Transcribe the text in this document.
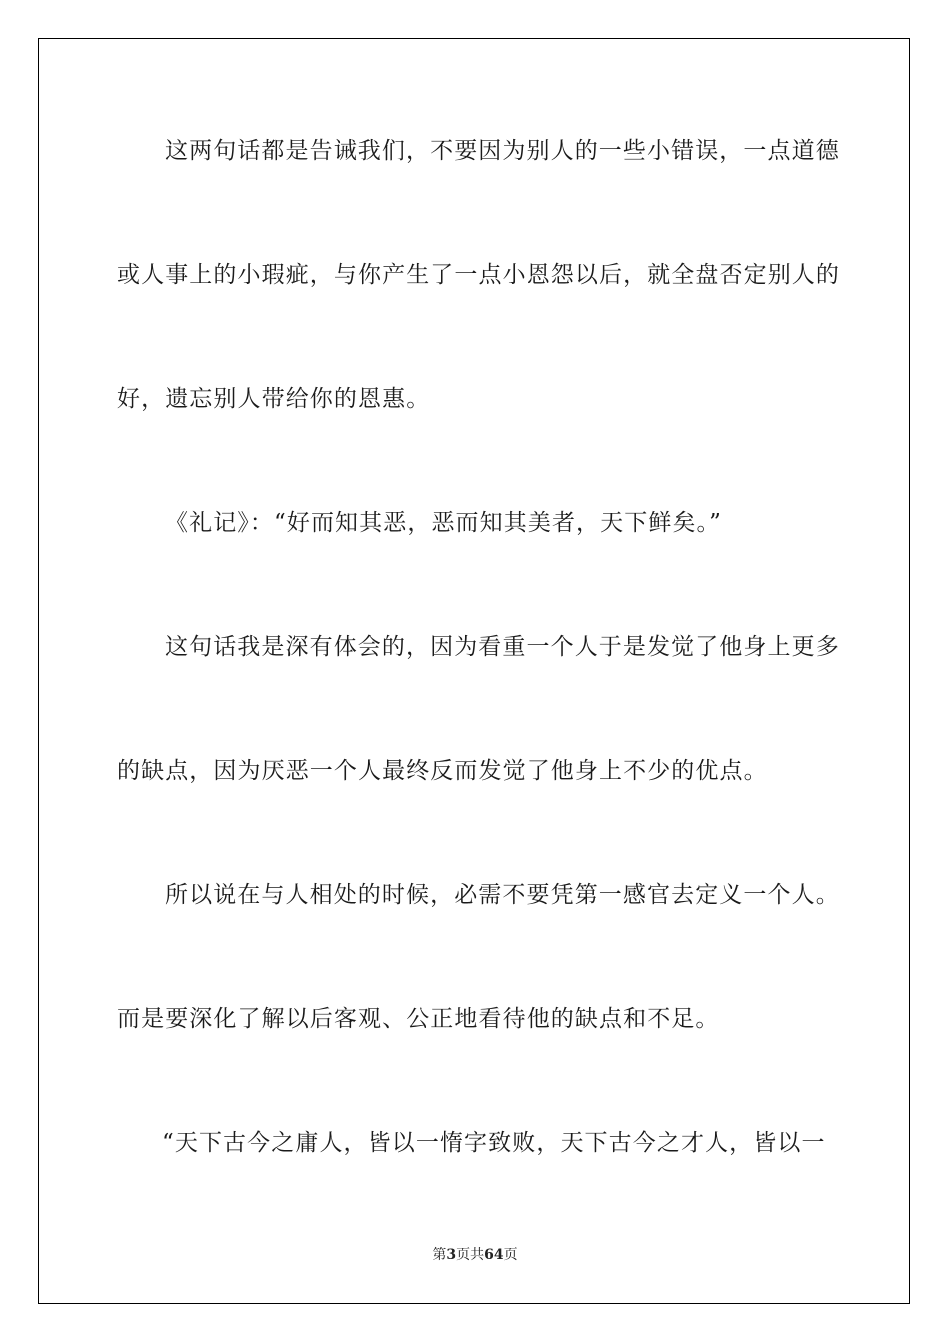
这两句话都是告诫我们，不要因为别人的一些小错误，一点道德
或人事上的小瑕疵，与你产生了一点小恩怨以后，就全盘否定别人的
好，遗忘别人带给你的恩惠。
《礼记》：“好而知其恶，恶而知其美者，天下鲜矣。”
这句话我是深有体会的，因为看重一个人于是发觉了他身上更多
的缺点，因为厌恶一个人最终反而发觉了他身上不少的优点。
所以说在与人相处的时候，必需不要凭第一感官去定义一个人。
而是要深化了解以后客观、公正地看待他的缺点和不足。
“天下古今之庸人，皆以一惰字致败，天下古今之才人，皆以一
第3页共64页
